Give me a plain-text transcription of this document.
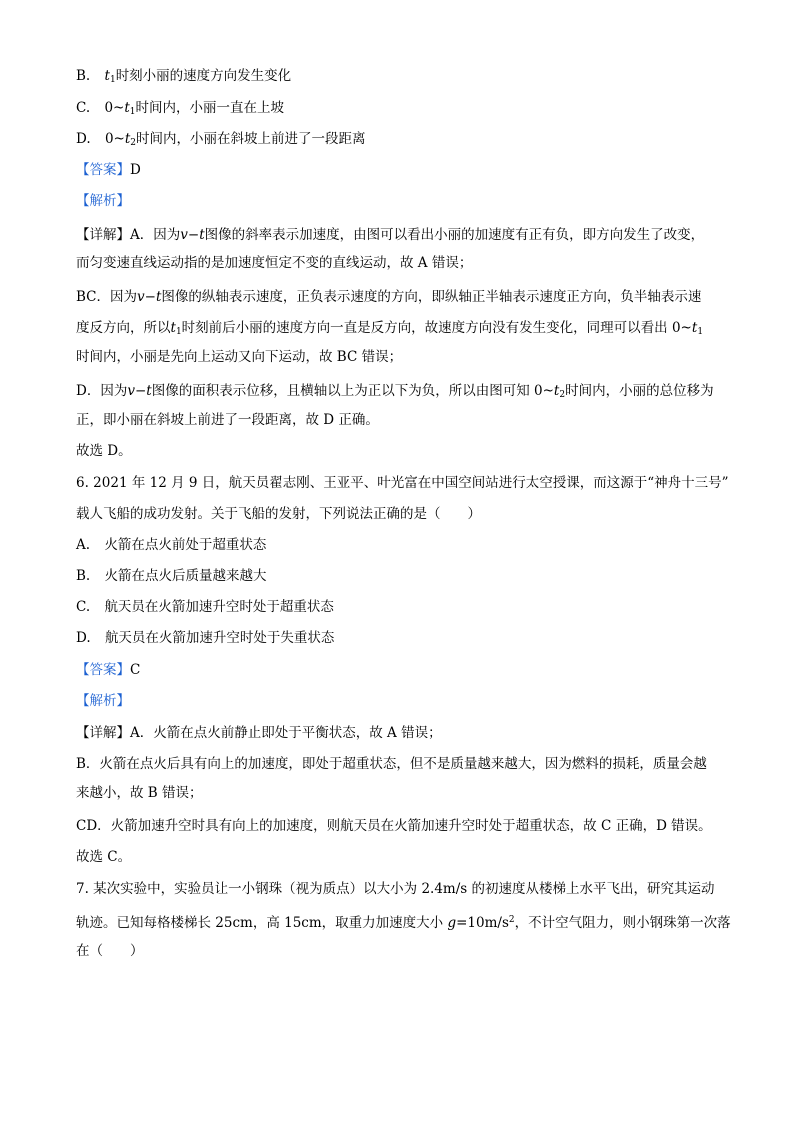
B. $t_1$时刻小丽的速度方向发生变化
C. $0\sim t_1$时间内，小丽一直在上坡
D. $0\sim t_2$时间内，小丽在斜坡上前进了一段距离
【答案】D
【解析】
【详解】A．因为v−t图像的斜率表示加速度，由图可以看出小丽的加速度有正有负，即方向发生了改变，
而匀变速直线运动指的是加速度恒定不变的直线运动，故 A 错误；
BC．因为v−t图像的纵轴表示速度，正负表示速度的方向，即纵轴正半轴表示速度正方向，负半轴表示速
度反方向，所以$t_1$时刻前后小丽的速度方向一直是反方向，故速度方向没有发生变化，同理可以看出 $0\sim t_1$
时间内，小丽是先向上运动又向下运动，故 BC 错误；
D．因为v−t图像的面积表示位移，且横轴以上为正以下为负，所以由图可知 $0\sim t_2$时间内，小丽的总位移为
正，即小丽在斜坡上前进了一段距离，故 D 正确。
故选 D。
6. 2021 年 12 月 9 日，航天员翟志刚、王亚平、叶光富在中国空间站进行太空授课，而这源于“神舟十三号”
载人飞船的成功发射。关于飞船的发射，下列说法正确的是（　　）
A. 火箭在点火前处于超重状态
B. 火箭在点火后质量越来越大
C. 航天员在火箭加速升空时处于超重状态
D. 航天员在火箭加速升空时处于失重状态
【答案】C
【解析】
【详解】A．火箭在点火前静止即处于平衡状态，故 A 错误；
B．火箭在点火后具有向上的加速度，即处于超重状态，但不是质量越来越大，因为燃料的损耗，质量会越
来越小，故 B 错误；
CD．火箭加速升空时具有向上的加速度，则航天员在火箭加速升空时处于超重状态，故 C 正确，D 错误。
故选 C。
7. 某次实验中，实验员让一小钢珠（视为质点）以大小为 2.4m/s 的初速度从楼梯上水平飞出，研究其运动
轨迹。已知每格楼梯长 25cm，高 15cm，取重力加速度大小 $g=10m/s^2$，不计空气阻力，则小钢珠第一次落
在（　　）
